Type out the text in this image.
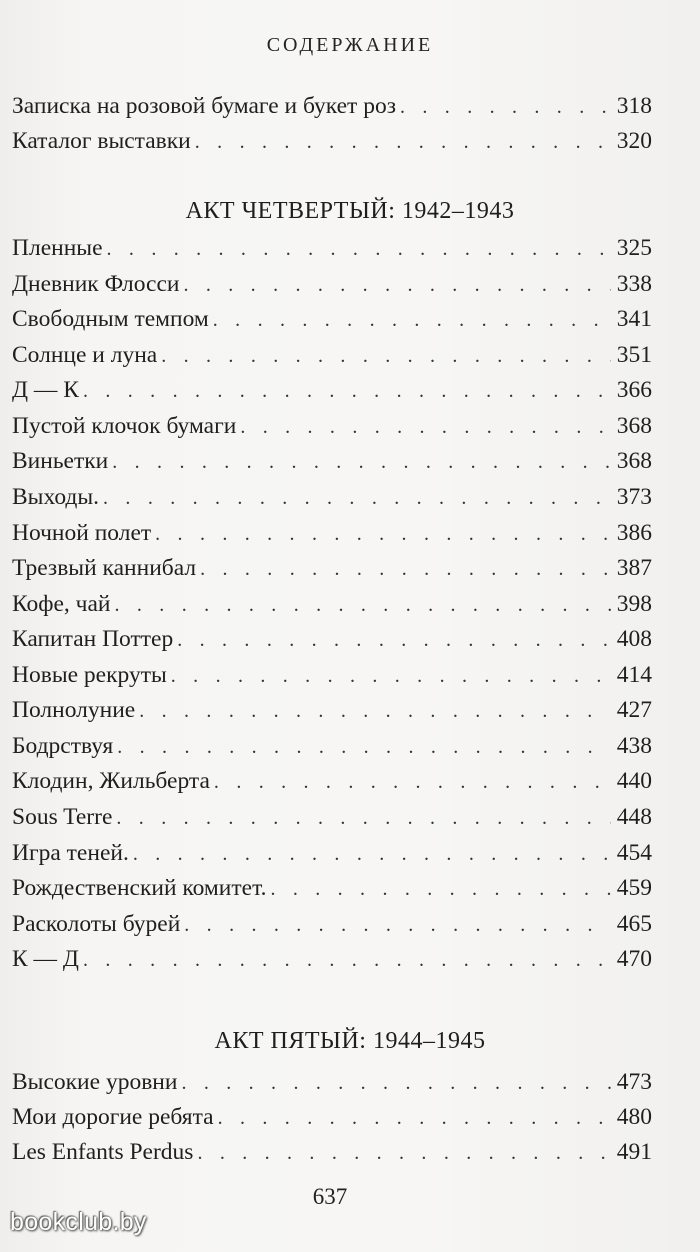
СОДЕРЖАНИЕ
Записка на розовой бумаге и букет роз . . .	318
Каталог выставки . . .	320
АКТ ЧЕТВЕРТЫЙ: 1942–1943
Пленные . . .	325
Дневник Флосси . . .	338
Свободным темпом . . .	341
Солнце и луна . . .	351
Д — К . . .	366
Пустой клочок бумаги . . .	368
Виньетки . . .	368
Выходы. . . .	373
Ночной полет . . .	386
Трезвый каннибал . . .	387
Кофе, чай . . .	398
Капитан Поттер . . .	408
Новые рекруты . . .	414
Полнолуние . . .	427
Бодрствуя . . .	438
Клодин, Жильберта . . .	440
Sous Terre . . .	448
Игра теней. . . .	454
Рождественский комитет. . . .	459
Расколоты бурей . . .	465
К — Д . . .	470
АКТ ПЯТЫЙ: 1944–1945
Высокие уровни . . .	473
Мои дорогие ребята . . .	480
Les Enfants Perdus . . .	491
637
bookclub.by
